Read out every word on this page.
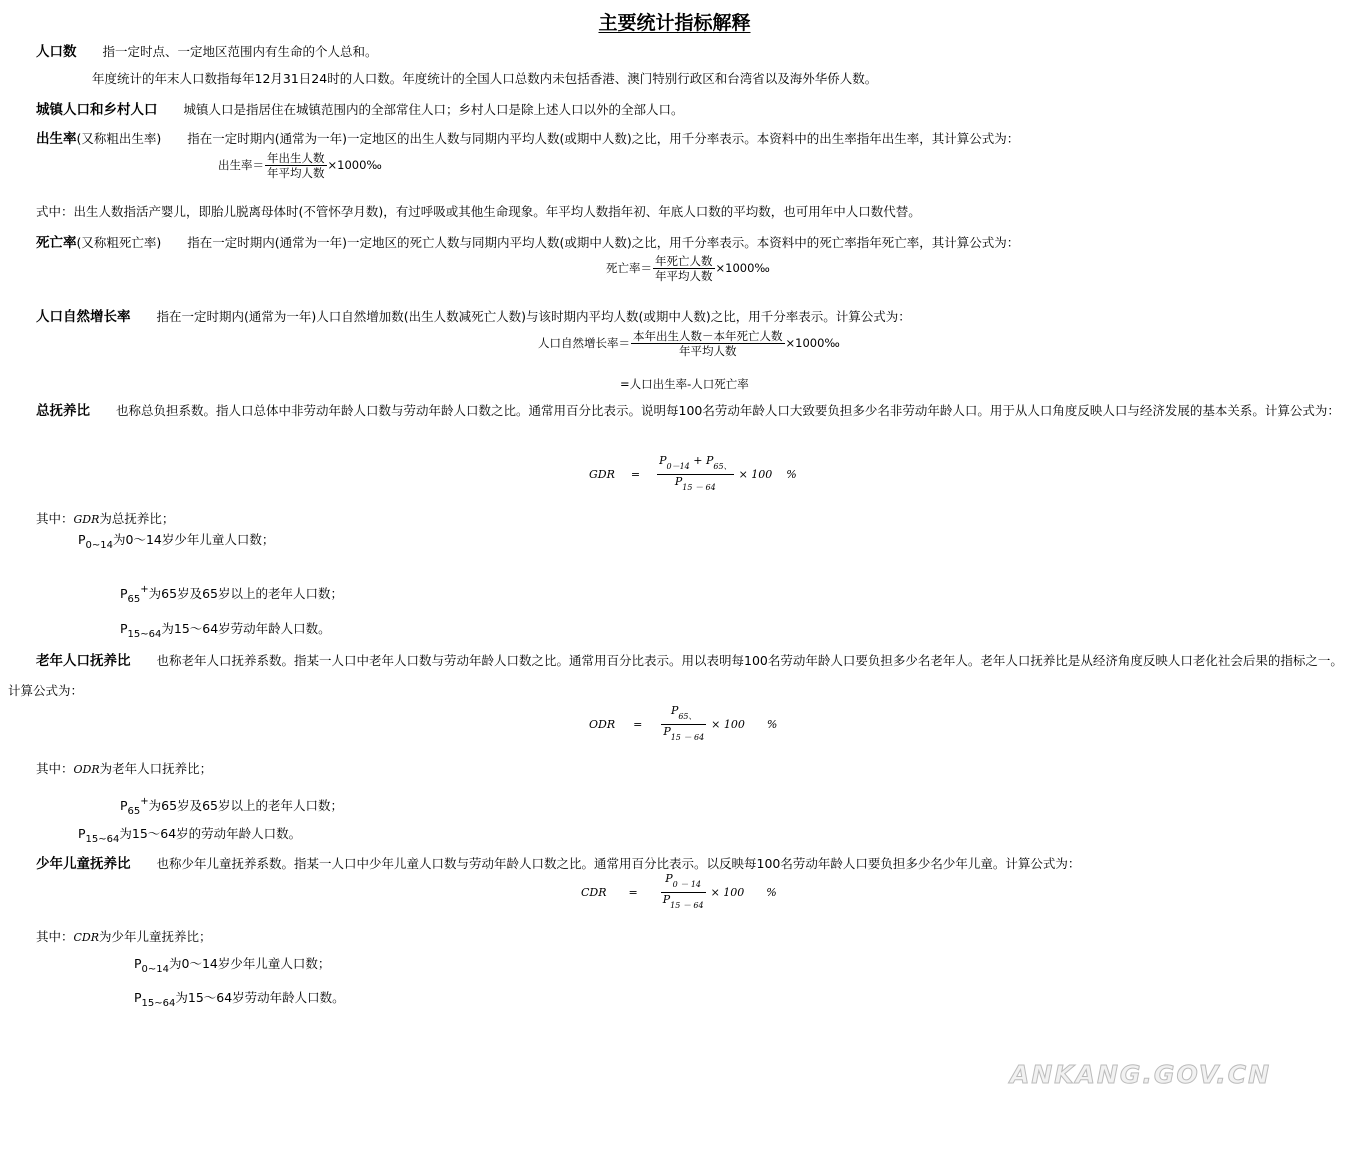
主要统计指标解释
人口数 指一定时点、一定地区范围内有生命的个人总和。
年度统计的年末人口数指每年12月31日24时的人口数。年度统计的全国人口总数内未包括香港、澳门特别行政区和台湾省以及海外华侨人数。
城镇人口和乡村人口 城镇人口是指居住在城镇范围内的全部常住人口；乡村人口是除上述人口以外的全部人口。
出生率(又称粗出生率) 指在一定时期内(通常为一年)一定地区的出生人数与同期内平均人数(或期中人数)之比，用千分率表示。本资料中的出生率指年出生率，其计算公式为：
出生率＝ $\frac{\text{年出生人数}}{\text{年平均人数}}$ ×1000‰
式中：出生人数指活产婴儿，即胎儿脱离母体时(不管怀孕月数)，有过呼吸或其他生命现象。年平均人数指年初、年底人口数的平均数，也可用年中人口数代替。
死亡率(又称粗死亡率) 指在一定时期内(通常为一年)一定地区的死亡人数与同期内平均人数(或期中人数)之比，用千分率表示。本资料中的死亡率指年死亡率，其计算公式为：
死亡率＝ $\frac{\text{年死亡人数}}{\text{年平均人数}}$ ×1000‰
人口自然增长率 指在一定时期内(通常为一年)人口自然增加数(出生人数减死亡人数)与该时期内平均人数(或期中人数)之比，用千分率表示。计算公式为：
人口自然增长率＝ $\frac{\text{本年出生人数－本年死亡人数}}{\text{年平均人数}}$ ×1000‰
=人口出生率-人口死亡率
总抚养比 也称总负担系数。指人口总体中非劳动年龄人口数与劳动年龄人口数之比。通常用百分比表示。说明每100名劳动年龄人口大致要负担多少名非劳动年龄人口。用于从人口角度反映人口与经济发展的基本关系。计算公式为：
GDR = $\frac{P_{0-14} + P_{65、}}{P_{15 - 64}} \times 100$ %
其中：GDR为总抚养比；
$P_{0\sim 14}$为0～14岁少年儿童人口数；
$P_{65}^+$为65岁及65岁以上的老年人口数；
$P_{15\sim 64}$为15～64岁劳动年龄人口数。
老年人口抚养比 也称老年人口抚养系数。指某一人口中老年人口数与劳动年龄人口数之比。通常用百分比表示。用以表明每100名劳动年龄人口要负担多少名老年人。老年人口抚养比是从经济角度反映人口老化社会后果的指标之一。计算公式为：
ODR = $\frac{P_{65、}}{P_{15 - 64}} \times 100$ %
其中：ODR为老年人口抚养比；
$P_{65}^+$为65岁及65岁以上的老年人口数；
$P_{15\sim 64}$为15～64岁的劳动年龄人口数。
少年儿童抚养比 也称少年儿童抚养系数。指某一人口中少年儿童人口数与劳动年龄人口数之比。通常用百分比表示。以反映每100名劳动年龄人口要负担多少名少年儿童。计算公式为：
CDR = $\frac{P_{0 - 14}}{P_{15 - 64}} \times 100$ %
其中：CDR为少年儿童抚养比；
$P_{0\sim 14}$为0～14岁少年儿童人口数；
$P_{15\sim 64}$为15～64岁劳动年龄人口数。
ANKANG.GOV.CN
